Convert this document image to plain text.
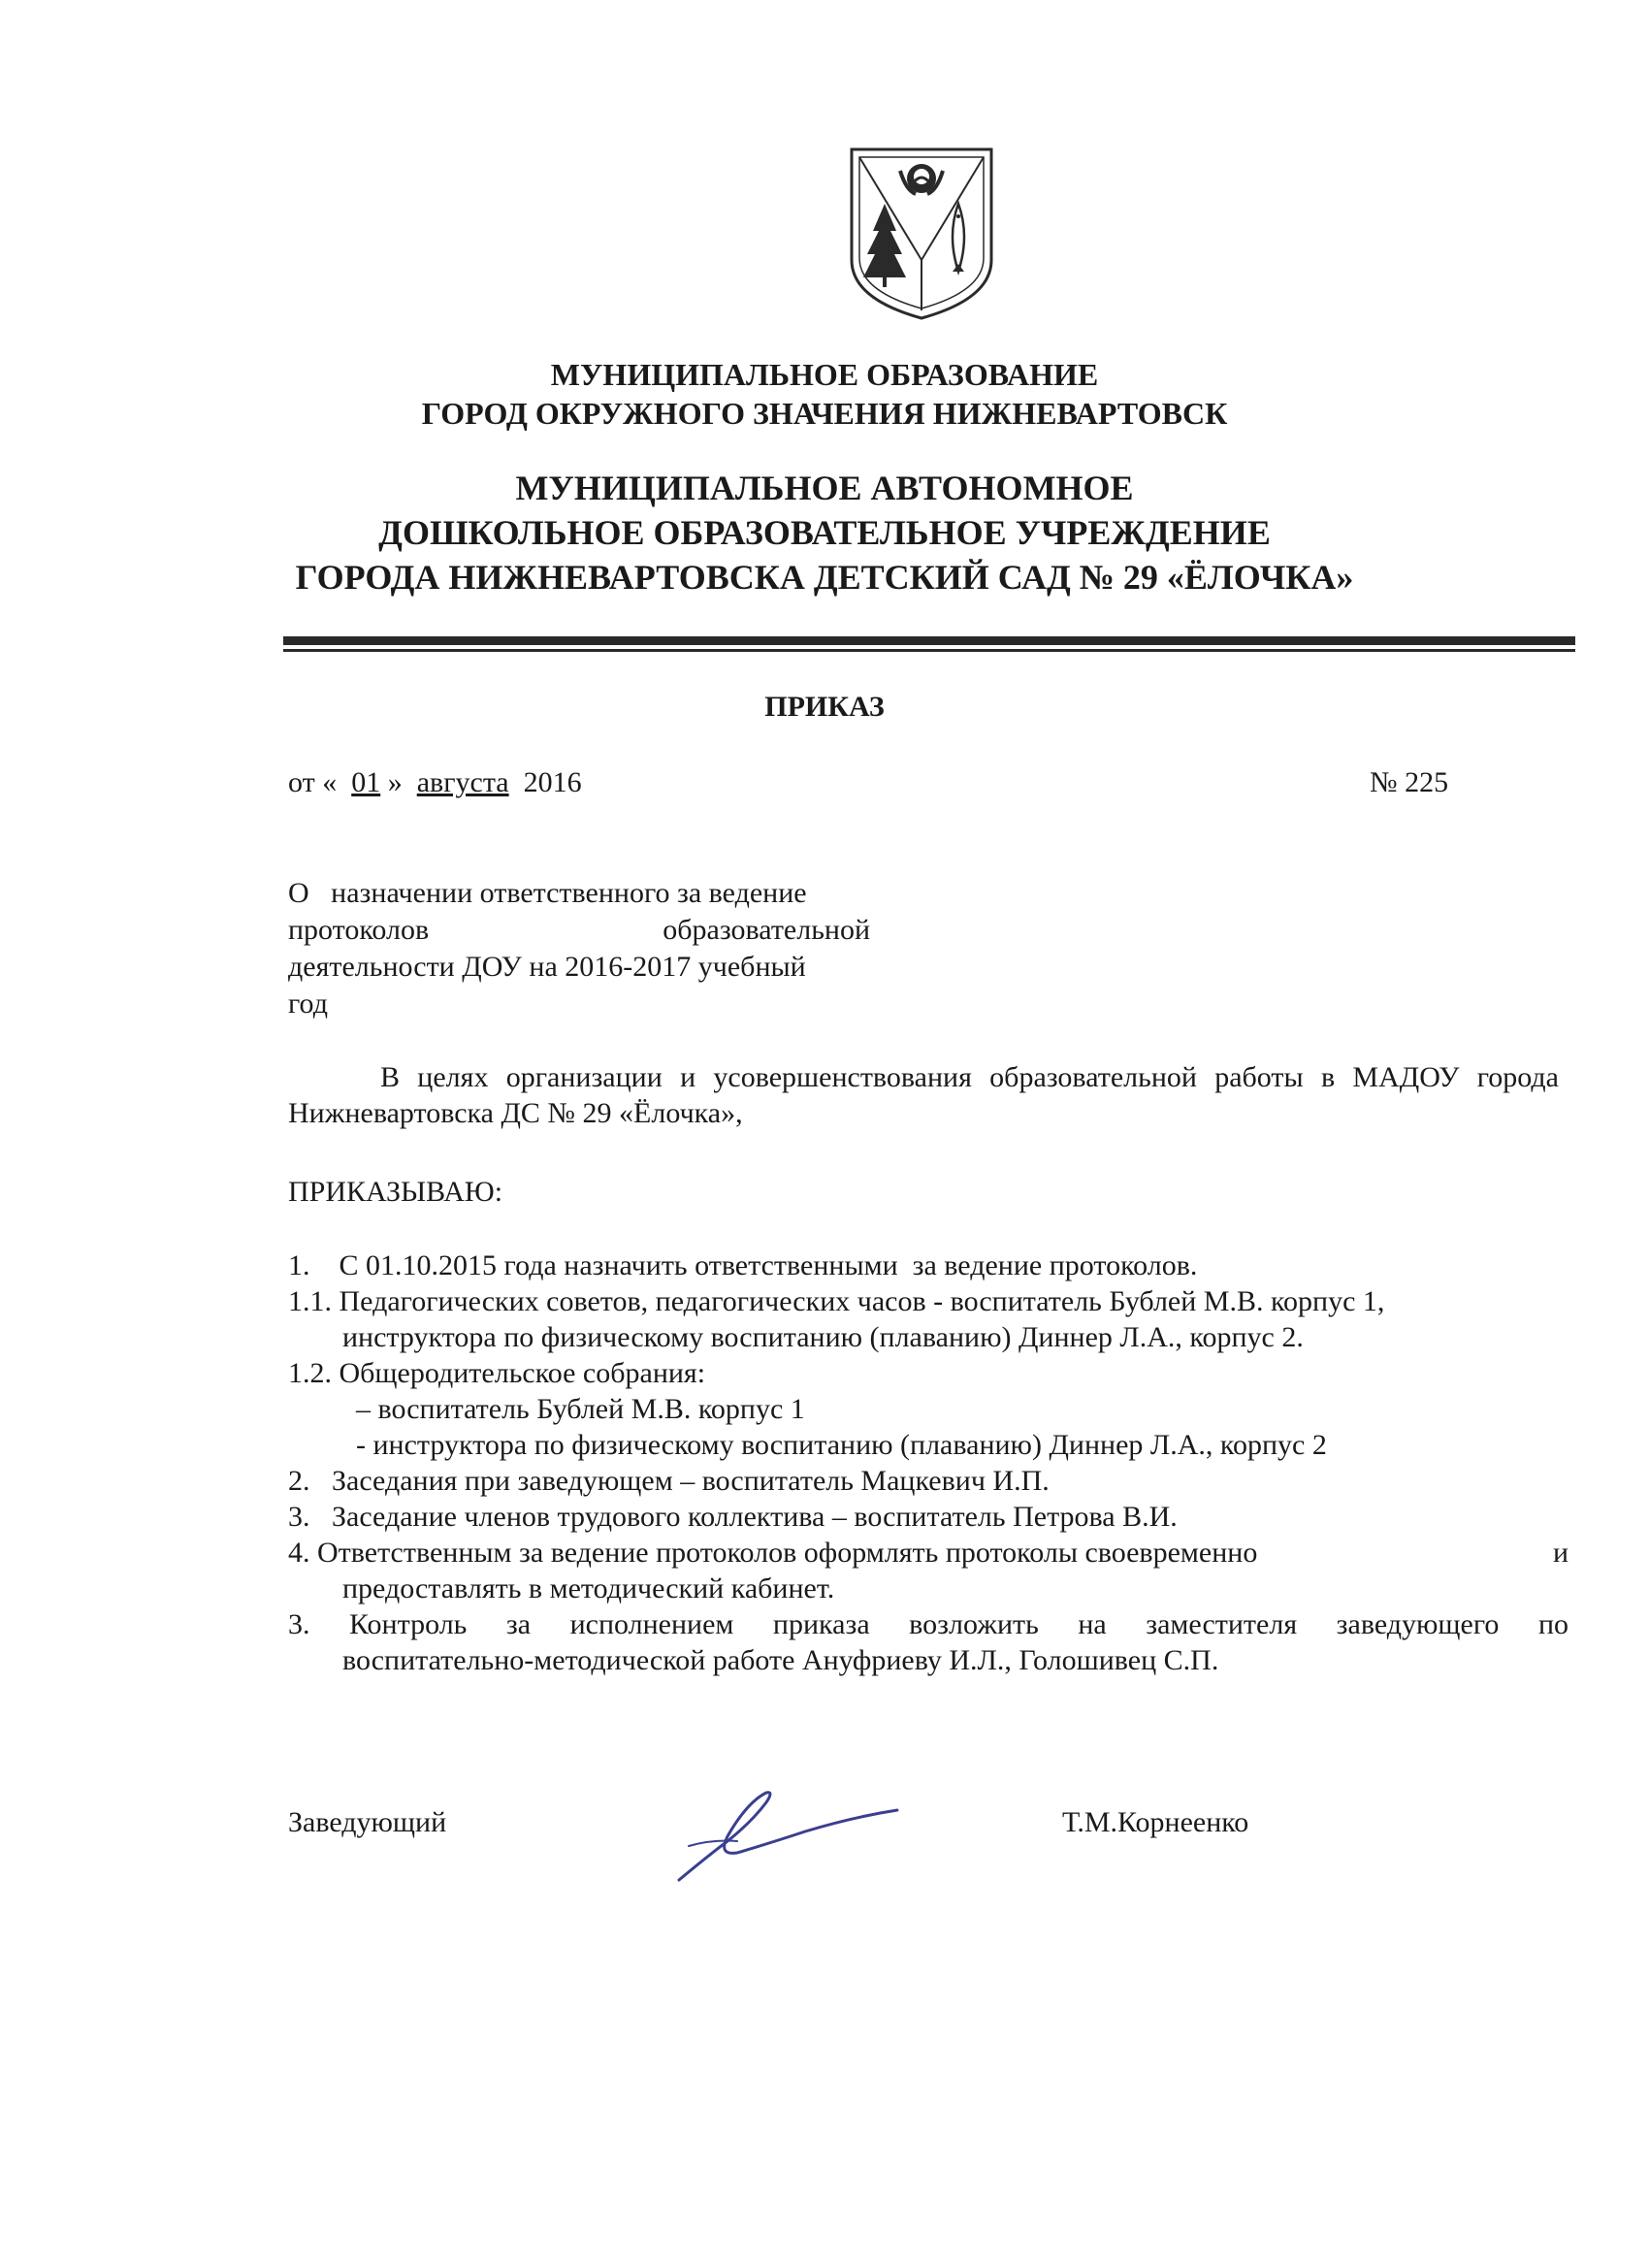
МУНИЦИПАЛЬНОЕ ОБРАЗОВАНИЕ
ГОРОД ОКРУЖНОГО ЗНАЧЕНИЯ НИЖНЕВАРТОВСК
МУНИЦИПАЛЬНОЕ АВТОНОМНОЕ
ДОШКОЛЬНОЕ ОБРАЗОВАТЕЛЬНОЕ УЧРЕЖДЕНИЕ
ГОРОДА НИЖНЕВАРТОВСКА ДЕТСКИЙ САД № 29 «ЁЛОЧКА»
ПРИКАЗ
от « 01 » августа 2016	№ 225
О   назначении ответственного за ведение
протоколов	образовательной
деятельности ДОУ на 2016-2017 учебный
год
В целях организации и усовершенствования образовательной работы в МАДОУ города Нижневартовска ДС № 29 «Ёлочка»,
ПРИКАЗЫВАЮ:
1.    С 01.10.2015 года назначить ответственными  за ведение протоколов.
1.1. Педагогических советов, педагогических часов - воспитатель Бублей М.В. корпус 1,
инструктора по физическому воспитанию (плаванию) Диннер Л.А., корпус 2.
1.2. Общеродительское собрания:
– воспитатель Бублей М.В. корпус 1
- инструктора по физическому воспитанию (плаванию) Диннер Л.А., корпус 2
2.   Заседания при заведующем – воспитатель Мацкевич И.П.
3.   Заседание членов трудового коллектива – воспитатель Петрова В.И.
4. Ответственным за ведение протоколов оформлять протоколы своевременно	и
предоставлять в методический кабинет.
3. Контроль за исполнением приказа возложить на заместителя заведующего по
воспитательно-методической работе Ануфриеву И.Л., Голошивец С.П.
Заведующий	Т.М.Корнеенко
